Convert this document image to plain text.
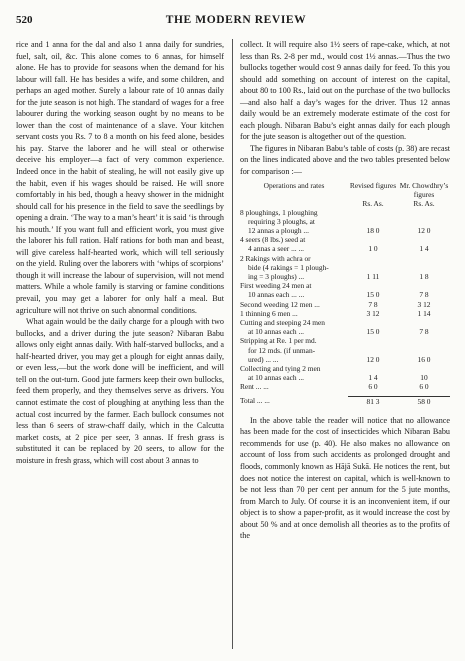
520	THE MODERN REVIEW

rice and 1 anna for the dal and also 1 anna daily for sundries, fuel, salt, oil, &c. This alone comes to 6 annas, for himself alone. He has to provide for seasons when the demand for his labour will fall. He has besides a wife, and some children, and perhaps an aged mother. Surely a labour rate of 10 annas daily for the jute season is not high. The standard of wages for a free labourer during the working season ought by no means to be lower than the cost of maintenance of a slave. Your kitchen servant costs you Rs. 7 to 8 a month on his feed alone, besides his pay. Starve the laborer and he will steal or otherwise deceive his employer—a fact of very common experience. Indeed once in the habit of stealing, he will not easily give up the habit, even if his wages should be raised. He will snore comfortably in his bed, though a heavy shower in the midnight should call for his presence in the field to save the seedlings by opening a drain. ‘The way to a man’s heart’ it is said ‘is through his mouth.’ If you want full and efficient work, you must give the laborer his full ration. Half rations for both man and beast, will give careless half-hearted work, which will tell seriously on the yield. Ruling over the laborers with ‘whips of scorpions’ though it will increase the labour of supervision, will not mend matters. While a whole family is starving or famine conditions prevail, you may get a laborer for only half a meal. But agriculture will not thrive on such abnormal conditions.

What again would be the daily charge for a plough with two bullocks, and a driver during the jute season? Nibaran Babu allows only eight annas daily. With half-starved bullocks, and a half-hearted driver, you may get a plough for eight annas daily, or even less,—but the work done will be inefficient, and will tell on the out-turn. Good jute farmers keep their own bullocks, feed them properly, and they themselves serve as drivers. You cannot estimate the cost of ploughing at anything less than the actual cost incurred by the farmer. Each bullock consumes not less than 6 seers of straw-chaff daily, which in the Calcutta market costs, at 2 pice per seer, 3 annas. If fresh grass is substituted it can be replaced by 20 seers, to allow for the moisture in fresh grass, which will cost about 3 annas to

collect. It will require also 1½ seers of rape-cake, which, at not less than Rs. 2-8 per md., would cost 1½ annas.—Thus the two bullocks together would cost 9 annas daily for feed. To this you should add something on account of interest on the capital, about 80 to 100 Rs., laid out on the purchase of the two bullocks—and also half a day’s wages for the driver. Thus 12 annas daily would be an extremely moderate estimate of the cost for each plough. Nibaran Babu’s eight annas daily for each plough for the jute season is altogether out of the question.

The figures in Nibaran Babu’s table of costs (p. 38) are recast on the lines indicated above and the two tables presented below for comparison :—

Operations and rates	Revised figures	Mr. Chowdhry’s figures
	Rs. As.	Rs. As.

8 ploughings, 1 ploughing
requiring 3 ploughs, at
12 annas a plough ...	18 0	12 0

4 seers (8 lbs.) seed at
4 annas a seer ... ...	1 0	1 4

2 Rakings with achra or
bide (4 rakings = 1 plough-
ing = 3 ploughs) ...	1 11	1 8

First weeding 24 men at
10 annas each ... ...	15 0	7 8

Second weeding 12 men ...	7 8	3 12

1 thinning 6 men ...	3 12	1 14

Cutting and steeping 24 men
at 10 annas each ...	15 0	7 8

Stripping at Re. 1 per md.
for 12 mds. (if unman-
ured) ... ...	12 0	16 0

Collecting and tying 2 men
at 10 annas each ...	1 4	10

Rent ... ...	6 0	6 0

Total ... ...	81 3	58 0

In the above table the reader will notice that no allowance has been made for the cost of insecticides which Nibaran Babu recommends for use (p. 40). He also makes no allowance on account of loss from such accidents as prolonged drought and floods, commonly known as Hājā Sukā. He notices the rent, but does not notice the interest on capital, which is well-known to be not less than 70 per cent per annum for the 5 jute months, from March to July. Of course it is an inconvenient item, if our object is to show a paper-profit, as it would increase the cost by about 50 % and at once demolish all theories as to the profits of the
